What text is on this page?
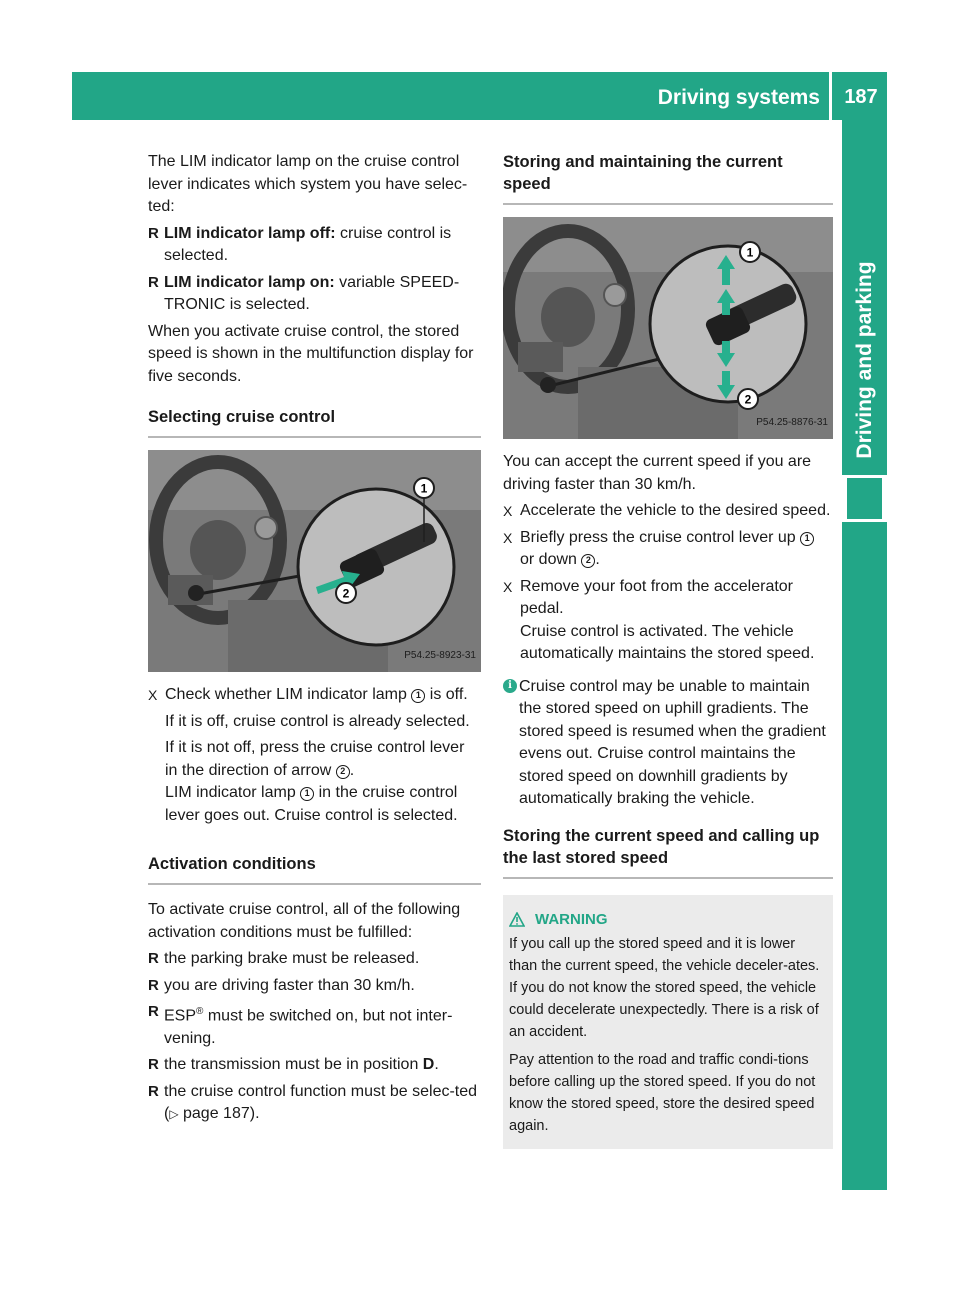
Driving systems	187
Driving and parking

The LIM indicator lamp on the cruise control lever indicates which system you have selec-ted:

R LIM indicator lamp off: cruise control is selected.
R LIM indicator lamp on: variable SPEED-TRONIC is selected.

When you activate cruise control, the stored speed is shown in the multifunction display for five seconds.

Selecting cruise control
1
2
P54.25-8923-31
X Check whether LIM indicator lamp 1 is off.

If it is off, cruise control is already selected.

If it is not off, press the cruise control lever in the direction of arrow 2 .

LIM indicator lamp 1 in the cruise control lever goes out. Cruise control is selected.

Activation conditions

To activate cruise control, all of the following activation conditions must be fulfilled:

R the parking brake must be released.
R you are driving faster than 30 km/h.
R ESP® must be switched on, but not inter-vening.
R the transmission must be in position D.
R the cruise control function must be selec-ted (▷ page 187).
Storing and maintaining the current speed
1
2
P54.25-8876-31

You can accept the current speed if you are driving faster than 30 km/h.

X Accelerate the vehicle to the desired speed.
X Briefly press the cruise control lever up 1
or down 2 .
X Remove your foot from the accelerator pedal.

Cruise control is activated. The vehicle automatically maintains the stored speed.

i Cruise control may be unable to maintain the stored speed on uphill gradients. The stored speed is resumed when the gradient evens out. Cruise control maintains the stored speed on downhill gradients by automatically braking the vehicle.
Storing the current speed and calling up the last stored speed
WARNING

If you call up the stored speed and it is lower than the current speed, the vehicle deceler-ates. If you do not know the stored speed, the vehicle could decelerate unexpectedly. There is a risk of an accident.

Pay attention to the road and traffic condi-tions before calling up the stored speed. If you do not know the stored speed, store the desired speed again.
